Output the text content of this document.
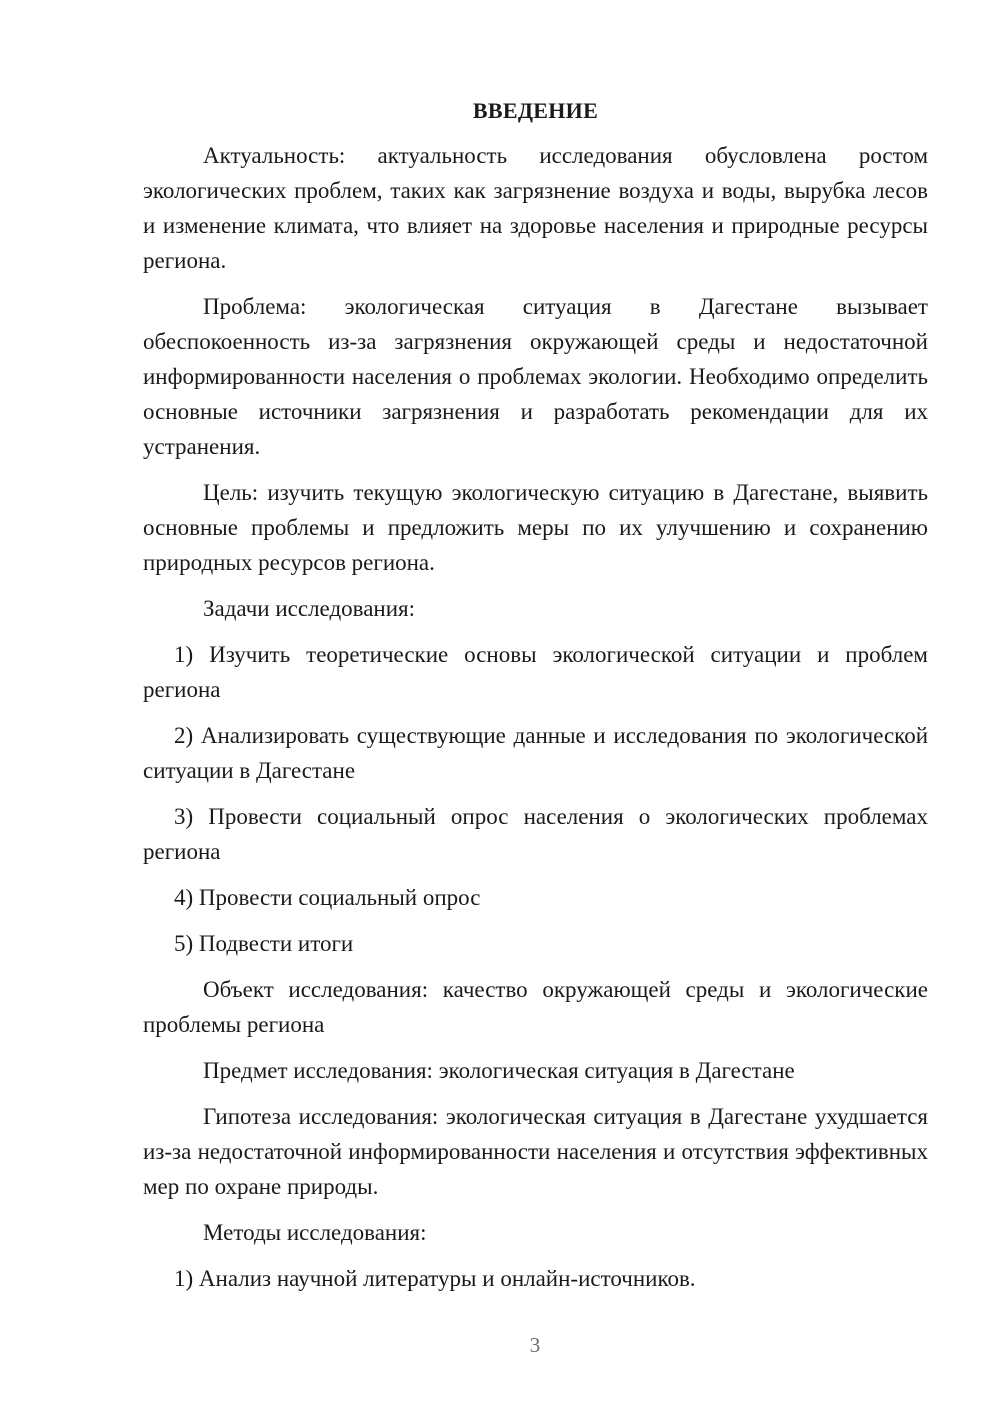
ВВЕДЕНИЕ

Актуальность: актуальность исследования обусловлена ростом экологических проблем, таких как загрязнение воздуха и воды, вырубка лесов и изменение климата, что влияет на здоровье населения и природные ресурсы региона.

Проблема: экологическая ситуация в Дагестане вызывает обеспокоенность из-за загрязнения окружающей среды и недостаточной информированности населения о проблемах экологии. Необходимо определить основные источники загрязнения и разработать рекомендации для их устранения.

Цель: изучить текущую экологическую ситуацию в Дагестане, выявить основные проблемы и предложить меры по их улучшению и сохранению природных ресурсов региона.

Задачи исследования:

1) Изучить теоретические основы экологической ситуации и проблем региона

2) Анализировать существующие данные и исследования по экологической ситуации в Дагестане

3) Провести социальный опрос населения о экологических проблемах региона

4) Провести социальный опрос

5) Подвести итоги

Объект исследования: качество окружающей среды и экологические проблемы региона

Предмет исследования: экологическая ситуация в Дагестане

Гипотеза исследования: экологическая ситуация в Дагестане ухудшается из-за недостаточной информированности населения и отсутствия эффективных мер по охране природы.

Методы исследования:

1) Анализ научной литературы и онлайн-источников.

3
